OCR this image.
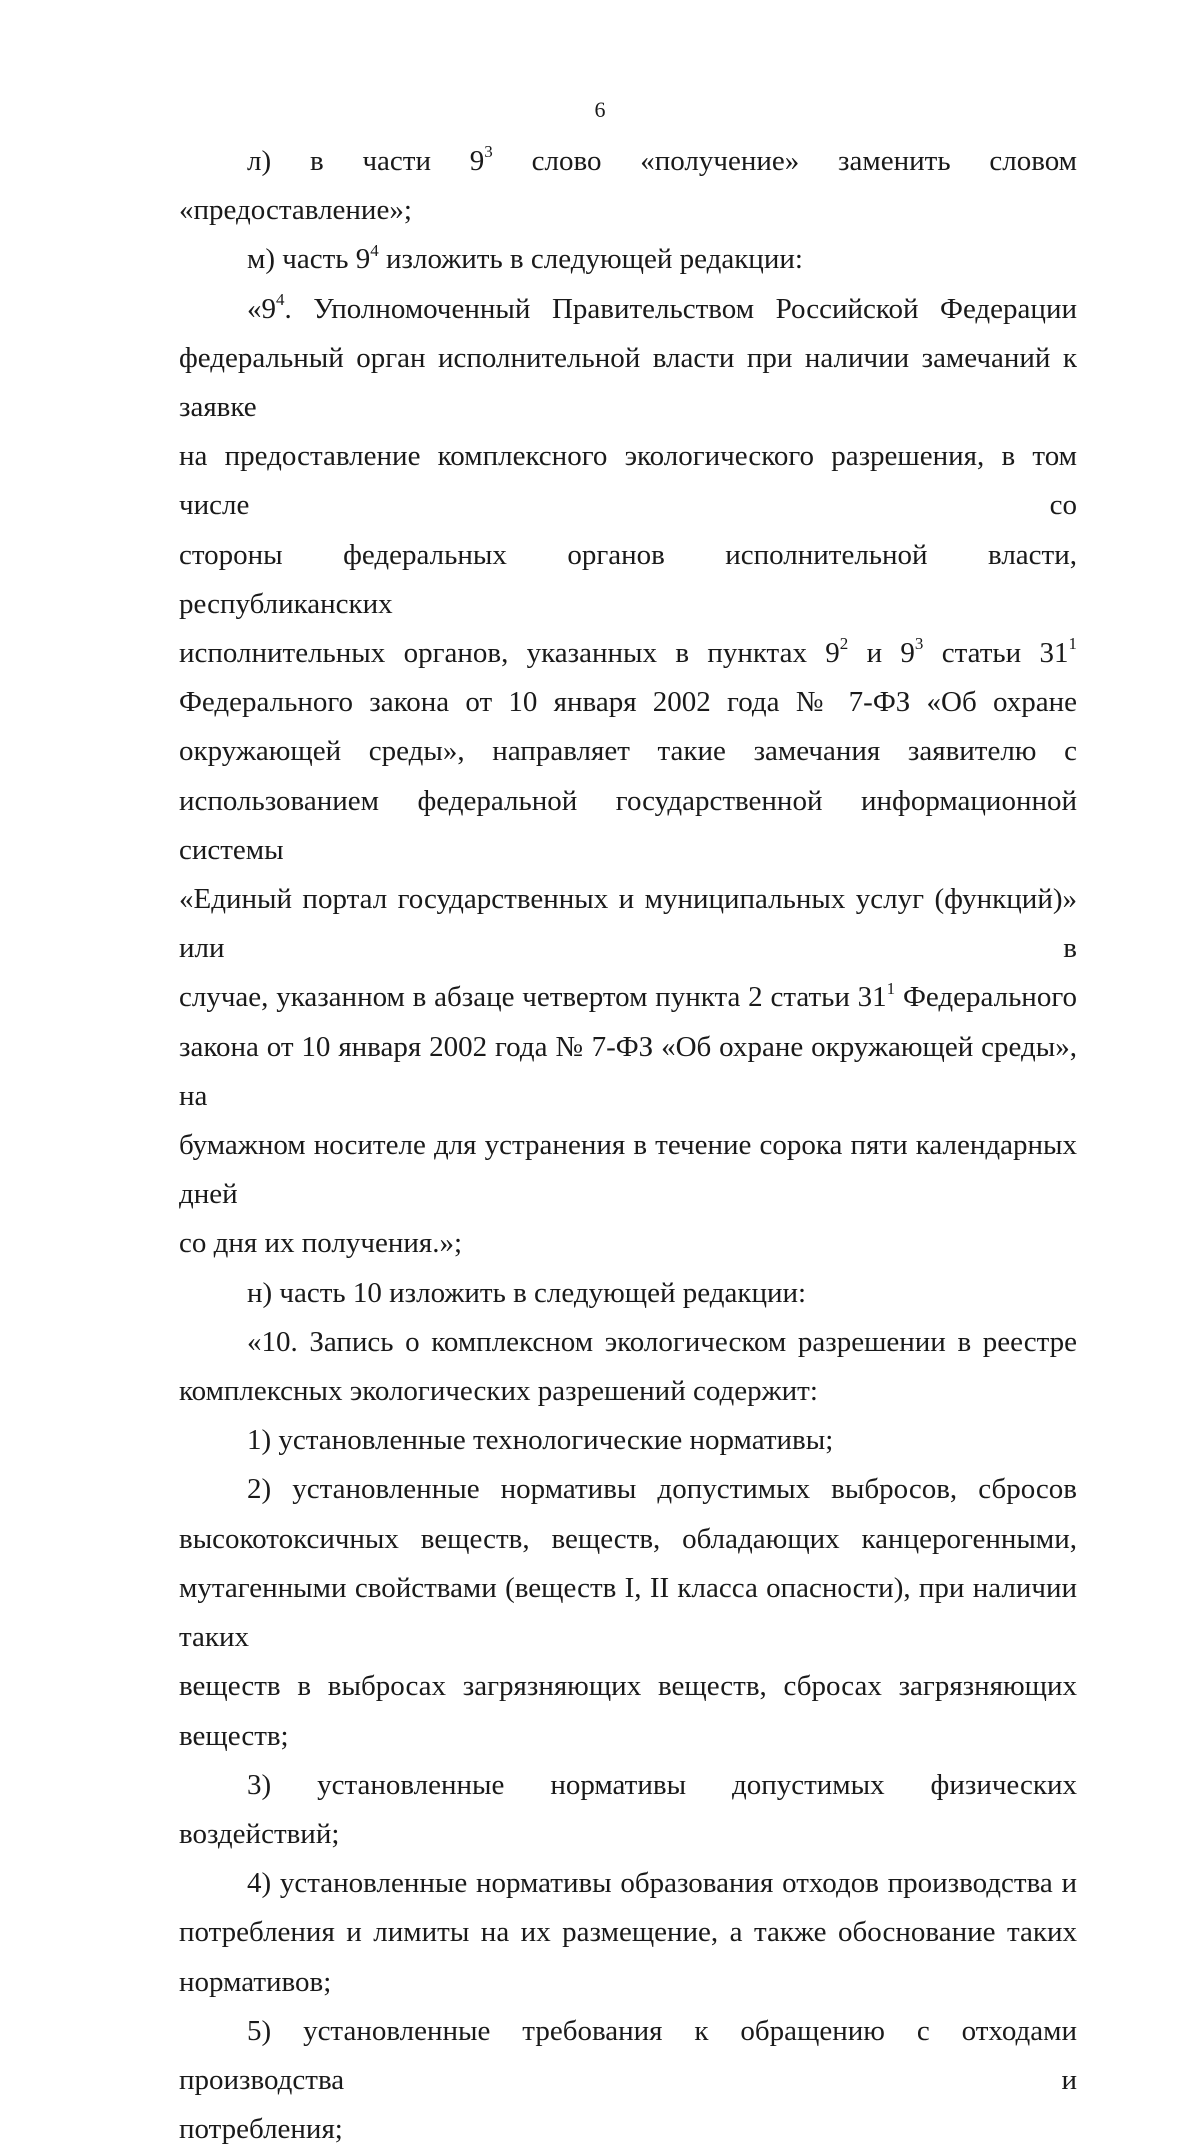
6
л) в части $9^3$ слово «получение» заменить словом «предоставление»;
м) часть $9^4$ изложить в следующей редакции:
«$9^4$. Уполномоченный Правительством Российской Федерации
федеральный орган исполнительной власти при наличии замечаний к заявке
на предоставление комплексного экологического разрешения, в том числе со
стороны федеральных органов исполнительной власти, республиканских
исполнительных органов, указанных в пунктах $9^2$ и $9^3$ статьи $31^1$
Федерального закона от 10 января 2002 года № 7-ФЗ «Об охране
окружающей среды», направляет такие замечания заявителю с
использованием федеральной государственной информационной системы
«Единый портал государственных и муниципальных услуг (функций)» или в
случае, указанном в абзаце четвертом пункта 2 статьи $31^1$ Федерального
закона от 10 января 2002 года № 7-ФЗ «Об охране окружающей среды», на
бумажном носителе для устранения в течение сорока пяти календарных дней
со дня их получения.»;
н) часть 10 изложить в следующей редакции:
«10. Запись о комплексном экологическом разрешении в реестре
комплексных экологических разрешений содержит:
1) установленные технологические нормативы;
2) установленные нормативы допустимых выбросов, сбросов
высокотоксичных веществ, веществ, обладающих канцерогенными,
мутагенными свойствами (веществ I, II класса опасности), при наличии таких
веществ в выбросах загрязняющих веществ, сбросах загрязняющих веществ;
3) установленные нормативы допустимых физических воздействий;
4) установленные нормативы образования отходов производства и
потребления и лимиты на их размещение, а также обоснование таких
нормативов;
5) установленные требования к обращению с отходами производства и
потребления;
